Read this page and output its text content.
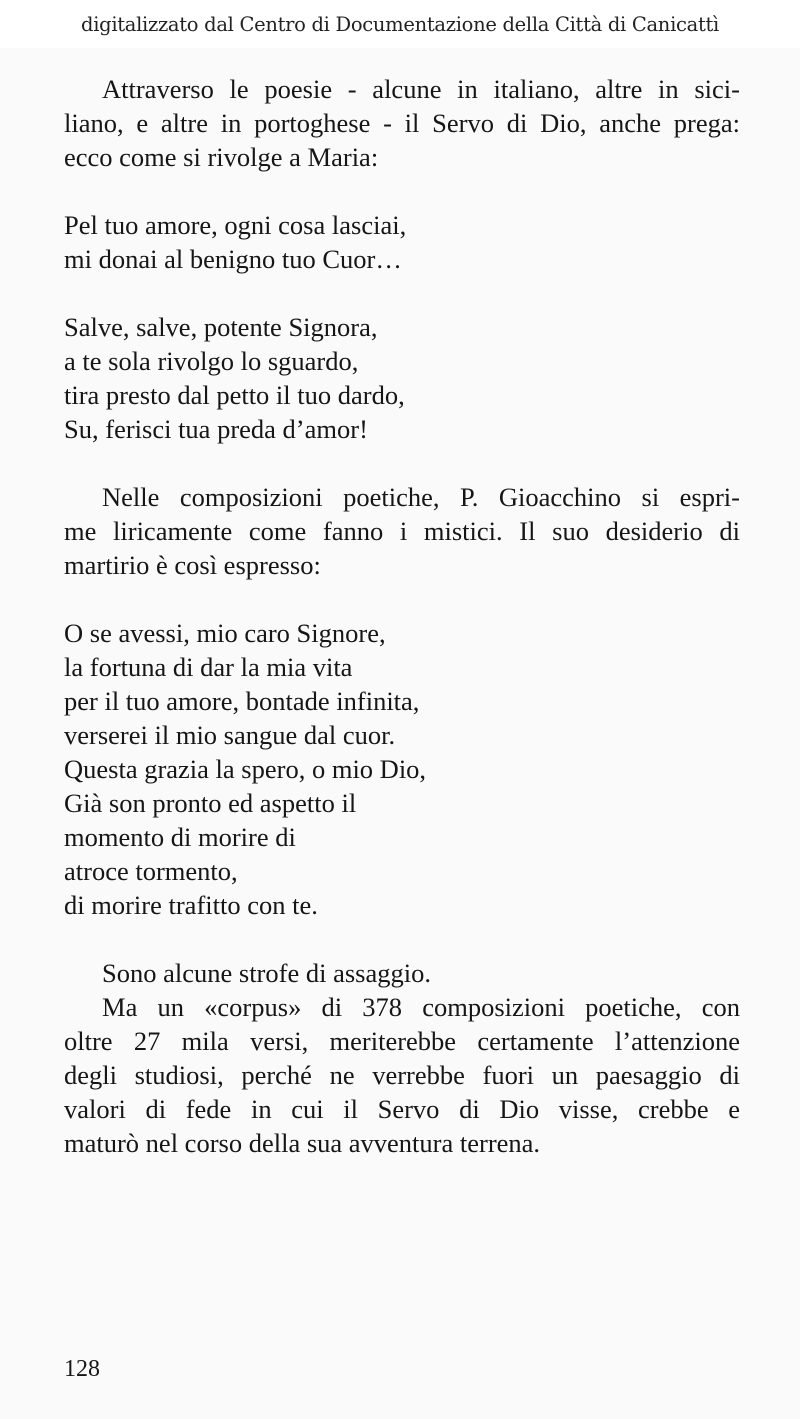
digitalizzato dal Centro di Documentazione della Città di Canicattì
Attraverso le poesie - alcune in italiano, altre in sici-
liano, e altre in portoghese - il Servo di Dio, anche prega:
ecco come si rivolge a Maria:
Pel tuo amore, ogni cosa lasciai,
mi donai al benigno tuo Cuor…
Salve, salve, potente Signora,
a te sola rivolgo lo sguardo,
tira presto dal petto il tuo dardo,
Su, ferisci tua preda d’amor!
Nelle composizioni poetiche, P. Gioacchino si espri-
me liricamente come fanno i mistici. Il suo desiderio di
martirio è così espresso:
O se avessi, mio caro Signore,
la fortuna di dar la mia vita
per il tuo amore, bontade infinita,
verserei il mio sangue dal cuor.
Questa grazia la spero, o mio Dio,
Già son pronto ed aspetto il
momento di morire di
atroce tormento,
di morire trafitto con te.
Sono alcune strofe di assaggio.
Ma un «corpus» di 378 composizioni poetiche, con
oltre 27 mila versi, meriterebbe certamente l’attenzione
degli studiosi, perché ne verrebbe fuori un paesaggio di
valori di fede in cui il Servo di Dio visse, crebbe e
maturò nel corso della sua avventura terrena.
128
